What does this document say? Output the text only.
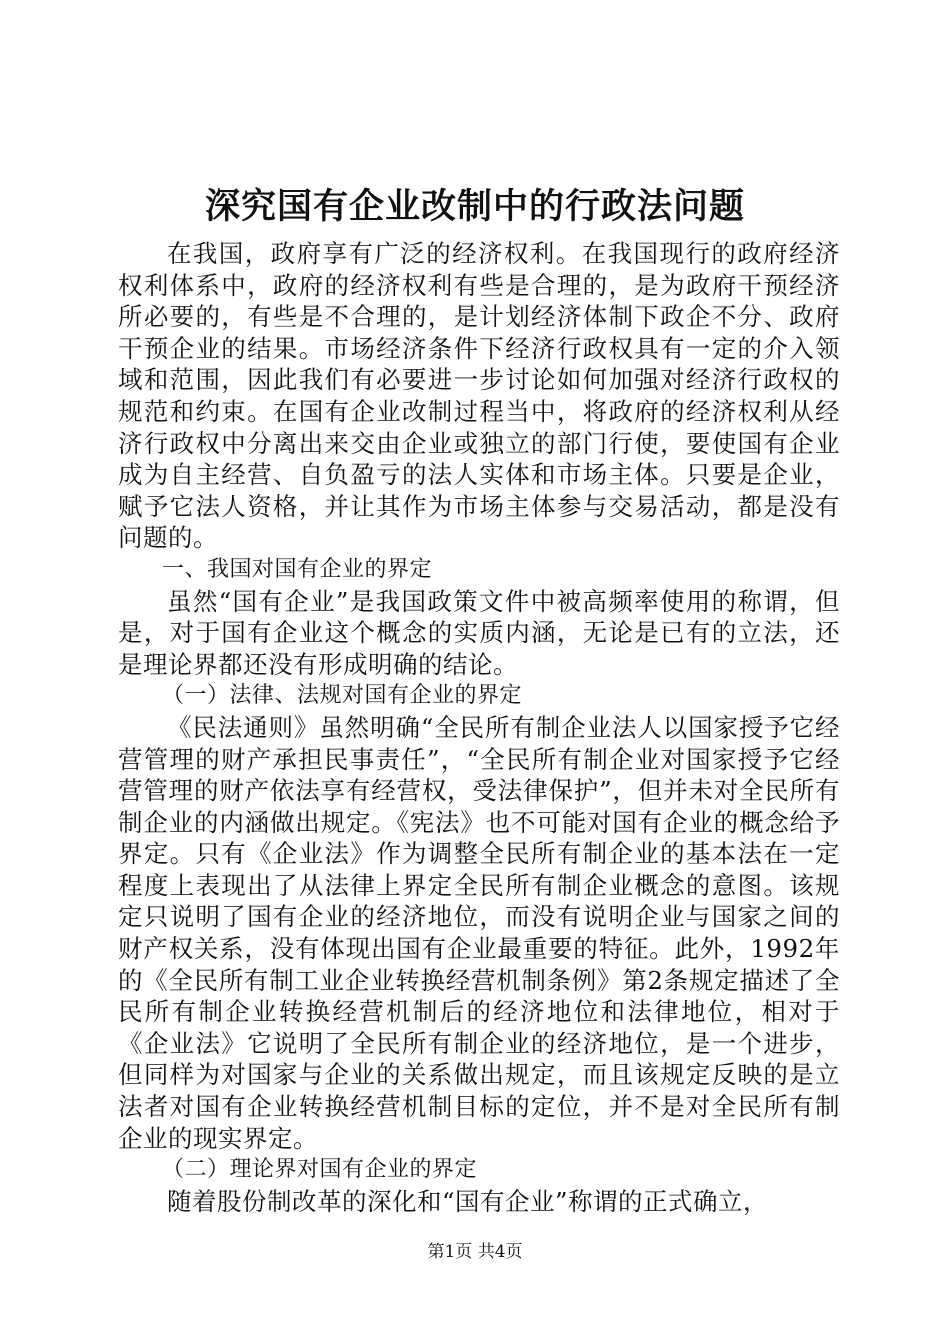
深究国有企业改制中的行政法问题

在我国，政府享有广泛的经济权利。在我国现行的政府经济权利体系中，政府的经济权利有些是合理的，是为政府干预经济所必要的，有些是不合理的，是计划经济体制下政企不分、政府干预企业的结果。市场经济条件下经济行政权具有一定的介入领域和范围，因此我们有必要进一步讨论如何加强对经济行政权的规范和约束。在国有企业改制过程当中，将政府的经济权利从经济行政权中分离出来交由企业或独立的部门行使，要使国有企业成为自主经营、自负盈亏的法人实体和市场主体。只要是企业，赋予它法人资格，并让其作为市场主体参与交易活动，都是没有问题的。

一、我国对国有企业的界定

虽然“国有企业”是我国政策文件中被高频率使用的称谓，但是，对于国有企业这个概念的实质内涵，无论是已有的立法，还是理论界都还没有形成明确的结论。

（一）法律、法规对国有企业的界定

《民法通则》虽然明确“全民所有制企业法人以国家授予它经营管理的财产承担民事责任”，“全民所有制企业对国家授予它经营管理的财产依法享有经营权，受法律保护”，但并未对全民所有制企业的内涵做出规定。《宪法》也不可能对国有企业的概念给予界定。只有《企业法》作为调整全民所有制企业的基本法在一定程度上表现出了从法律上界定全民所有制企业概念的意图。该规定只说明了国有企业的经济地位，而没有说明企业与国家之间的财产权关系，没有体现出国有企业最重要的特征。此外，1992年的《全民所有制工业企业转换经营机制条例》第2条规定描述了全民所有制企业转换经营机制后的经济地位和法律地位，相对于《企业法》它说明了全民所有制企业的经济地位，是一个进步，但同样为对国家与企业的关系做出规定，而且该规定反映的是立法者对国有企业转换经营机制目标的定位，并不是对全民所有制企业的现实界定。

（二）理论界对国有企业的界定

随着股份制改革的深化和“国有企业”称谓的正式确立，

第1页 共4页
